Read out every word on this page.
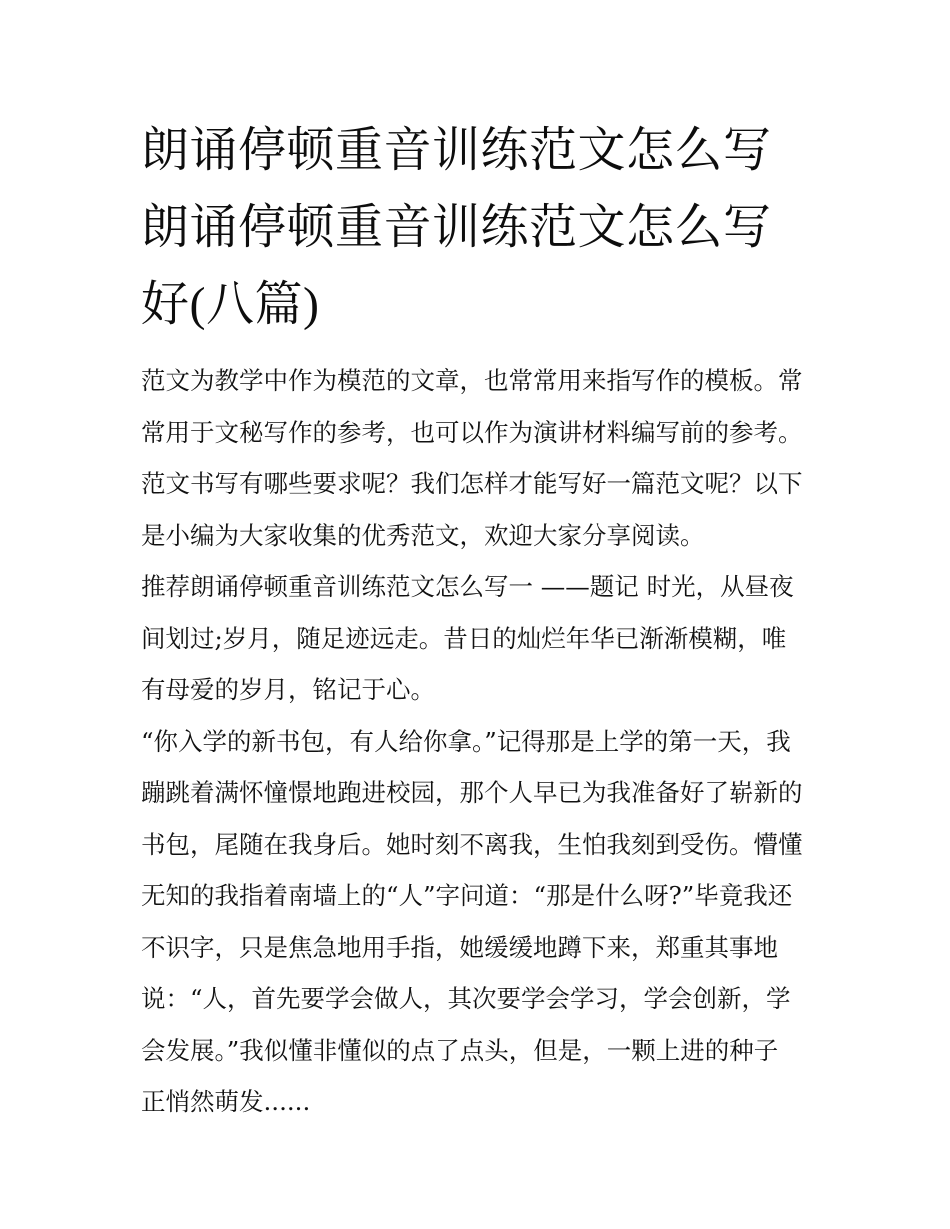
朗诵停顿重音训练范文怎么写
朗诵停顿重音训练范文怎么写
好(八篇)

范文为教学中作为模范的文章，也常常用来指写作的模板。常
常用于文秘写作的参考，也可以作为演讲材料编写前的参考。
范文书写有哪些要求呢？我们怎样才能写好一篇范文呢？以下
是小编为大家收集的优秀范文，欢迎大家分享阅读。

推荐朗诵停顿重音训练范文怎么写一 ——题记 时光，从昼夜
间划过;岁月，随足迹远走。昔日的灿烂年华已渐渐模糊，唯
有母爱的岁月，铭记于心。

“你入学的新书包，有人给你拿。”记得那是上学的第一天，我
蹦跳着满怀憧憬地跑进校园，那个人早已为我准备好了崭新的
书包，尾随在我身后。她时刻不离我，生怕我刻到受伤。懵懂
无知的我指着南墙上的“人”字问道：“那是什么呀?”毕竟我还
不识字，只是焦急地用手指，她缓缓地蹲下来，郑重其事地
说：“人，首先要学会做人，其次要学会学习，学会创新，学
会发展。”我似懂非懂似的点了点头，但是，一颗上进的种子
正悄然萌发......
